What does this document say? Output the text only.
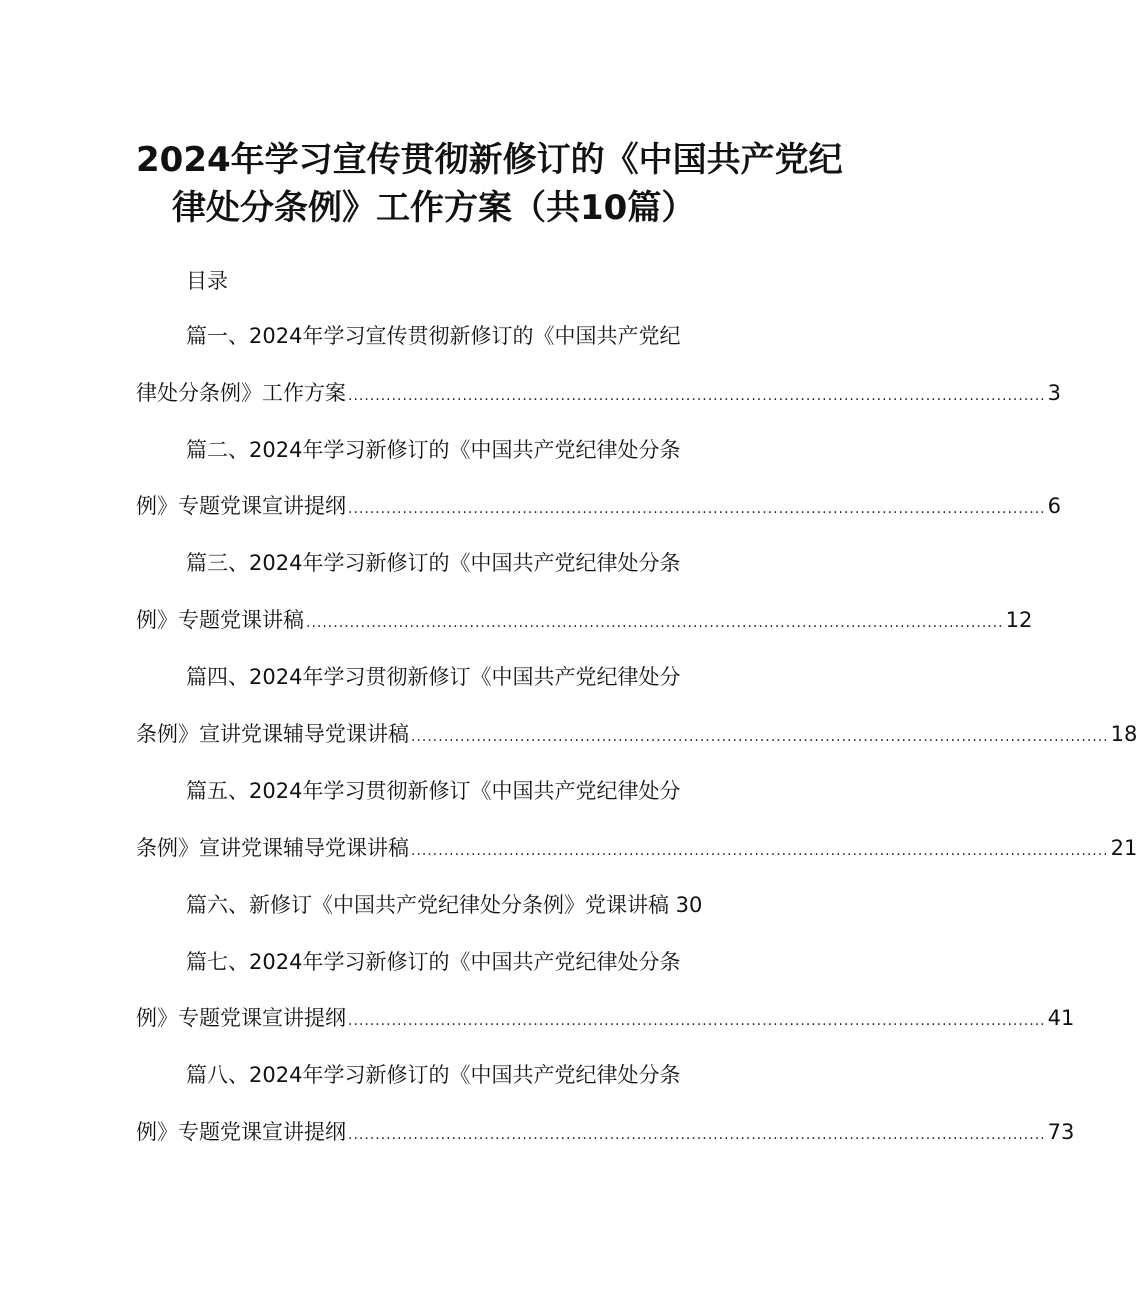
2024年学习宣传贯彻新修订的《中国共产党纪
律处分条例》工作方案（共10篇）
目录
篇一、2024年学习宣传贯彻新修订的《中国共产党纪
律处分条例》工作方案 ................................................................................................................................ 3
篇二、2024年学习新修订的《中国共产党纪律处分条
例》专题党课宣讲提纲 ................................................................................................................................ 6
篇三、2024年学习新修订的《中国共产党纪律处分条
例》专题党课讲稿 ................................................................................................................................ 12
篇四、2024年学习贯彻新修订《中国共产党纪律处分
条例》宣讲党课辅导党课讲稿 ................................................................................................................................ 18
篇五、2024年学习贯彻新修订《中国共产党纪律处分
条例》宣讲党课辅导党课讲稿 ................................................................................................................................ 21
篇六、新修订《中国共产党纪律处分条例》党课讲稿 30
篇七、2024年学习新修订的《中国共产党纪律处分条
例》专题党课宣讲提纲 ................................................................................................................................ 41
篇八、2024年学习新修订的《中国共产党纪律处分条
例》专题党课宣讲提纲 ................................................................................................................................ 73
